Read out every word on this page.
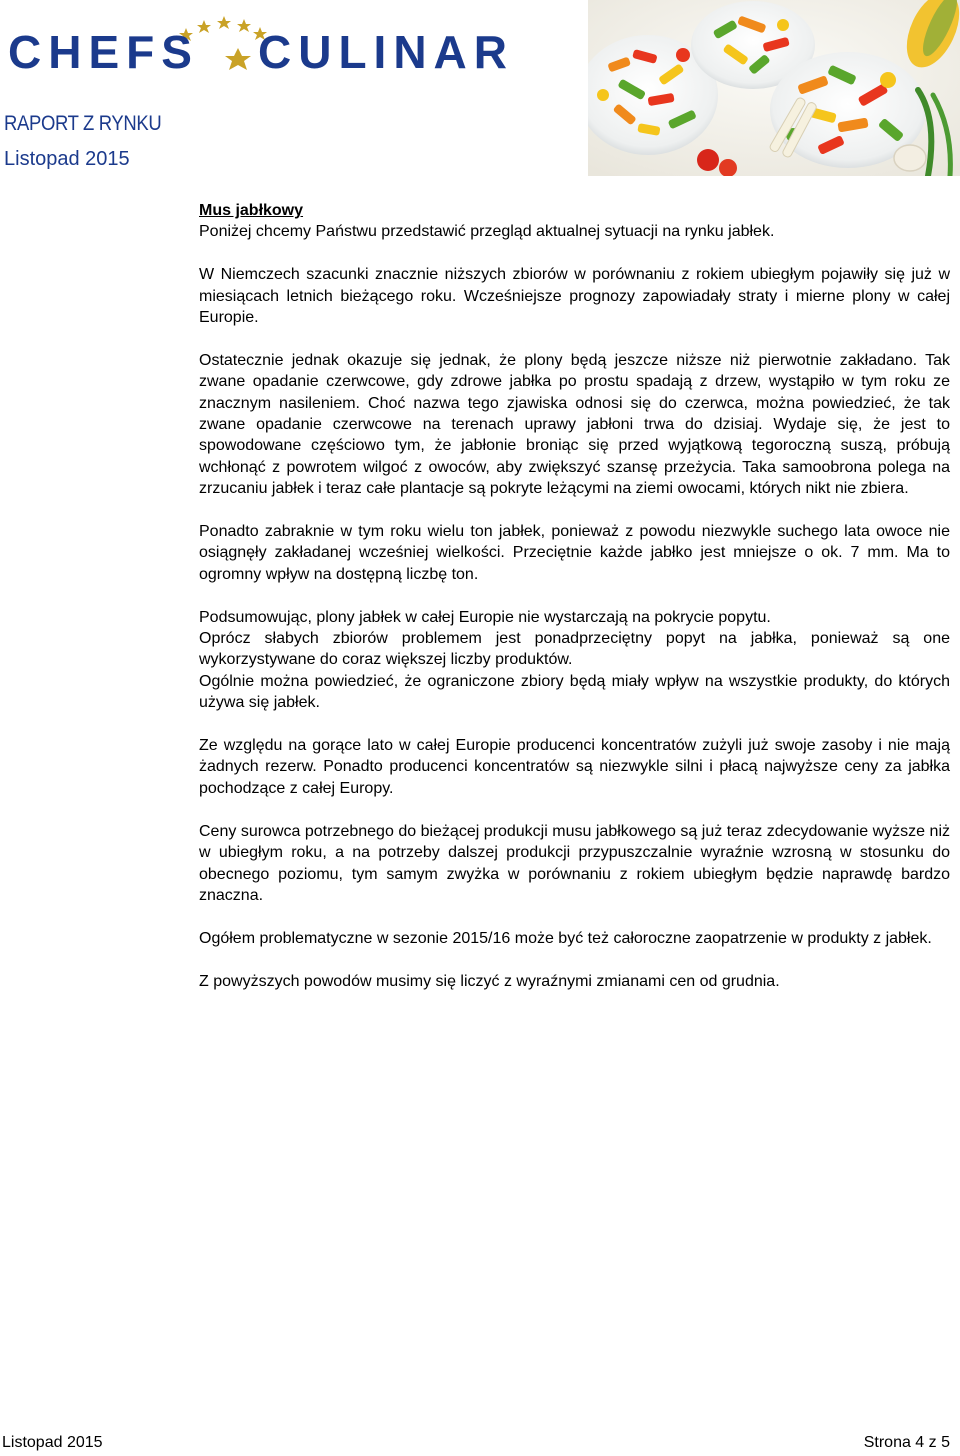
CHEFS CULINAR
RAPORT Z RYNKU
Listopad 2015

Mus jabłkowy
Poniżej chcemy Państwu przedstawić przegląd aktualnej sytuacji na rynku jabłek.

W Niemczech szacunki znacznie niższych zbiorów w porównaniu z rokiem ubiegłym pojawiły się już w miesiącach letnich bieżącego roku. Wcześniejsze prognozy zapowiadały straty i mierne plony w całej Europie.

Ostatecznie jednak okazuje się jednak, że plony będą jeszcze niższe niż pierwotnie zakładano. Tak zwane opadanie czerwcowe, gdy zdrowe jabłka po prostu spadają z drzew, wystąpiło w tym roku ze znacznym nasileniem. Choć nazwa tego zjawiska odnosi się do czerwca, można powiedzieć, że tak zwane opadanie czerwcowe na terenach uprawy jabłoni trwa do dzisiaj. Wydaje się, że jest to spowodowane częściowo tym, że jabłonie broniąc się przed wyjątkową tegoroczną suszą, próbują wchłonąć z powrotem wilgoć z owoców, aby zwiększyć szansę przeżycia. Taka samoobrona polega na zrzucaniu jabłek i teraz całe plantacje są pokryte leżącymi na ziemi owocami, których nikt nie zbiera.

Ponadto zabraknie w tym roku wielu ton jabłek, ponieważ z powodu niezwykle suchego lata owoce nie osiągnęły zakładanej wcześniej wielkości. Przeciętnie każde jabłko jest mniejsze o ok. 7 mm. Ma to ogromny wpływ na dostępną liczbę ton.

Podsumowując, plony jabłek w całej Europie nie wystarczają na pokrycie popytu.

Oprócz słabych zbiorów problemem jest ponadprzeciętny popyt na jabłka, ponieważ są one wykorzystywane do coraz większej liczby produktów.

Ogólnie można powiedzieć, że ograniczone zbiory będą miały wpływ na wszystkie produkty, do których używa się jabłek.

Ze względu na gorące lato w całej Europie producenci koncentratów zużyli już swoje zasoby i nie mają żadnych rezerw. Ponadto producenci koncentratów są niezwykle silni i płacą najwyższe ceny za jabłka pochodzące z całej Europy.

Ceny surowca potrzebnego do bieżącej produkcji musu jabłkowego są już teraz zdecydowanie wyższe niż w ubiegłym roku, a na potrzeby dalszej produkcji przypuszczalnie wyraźnie wzrosną w stosunku do obecnego poziomu, tym samym zwyżka w porównaniu z rokiem ubiegłym będzie naprawdę bardzo znaczna.

Ogółem problematyczne w sezonie 2015/16 może być też całoroczne zaopatrzenie w produkty z jabłek.

Z powyższych powodów musimy się liczyć z wyraźnymi zmianami cen od grudnia.

Listopad 2015	Strona 4 z 5
